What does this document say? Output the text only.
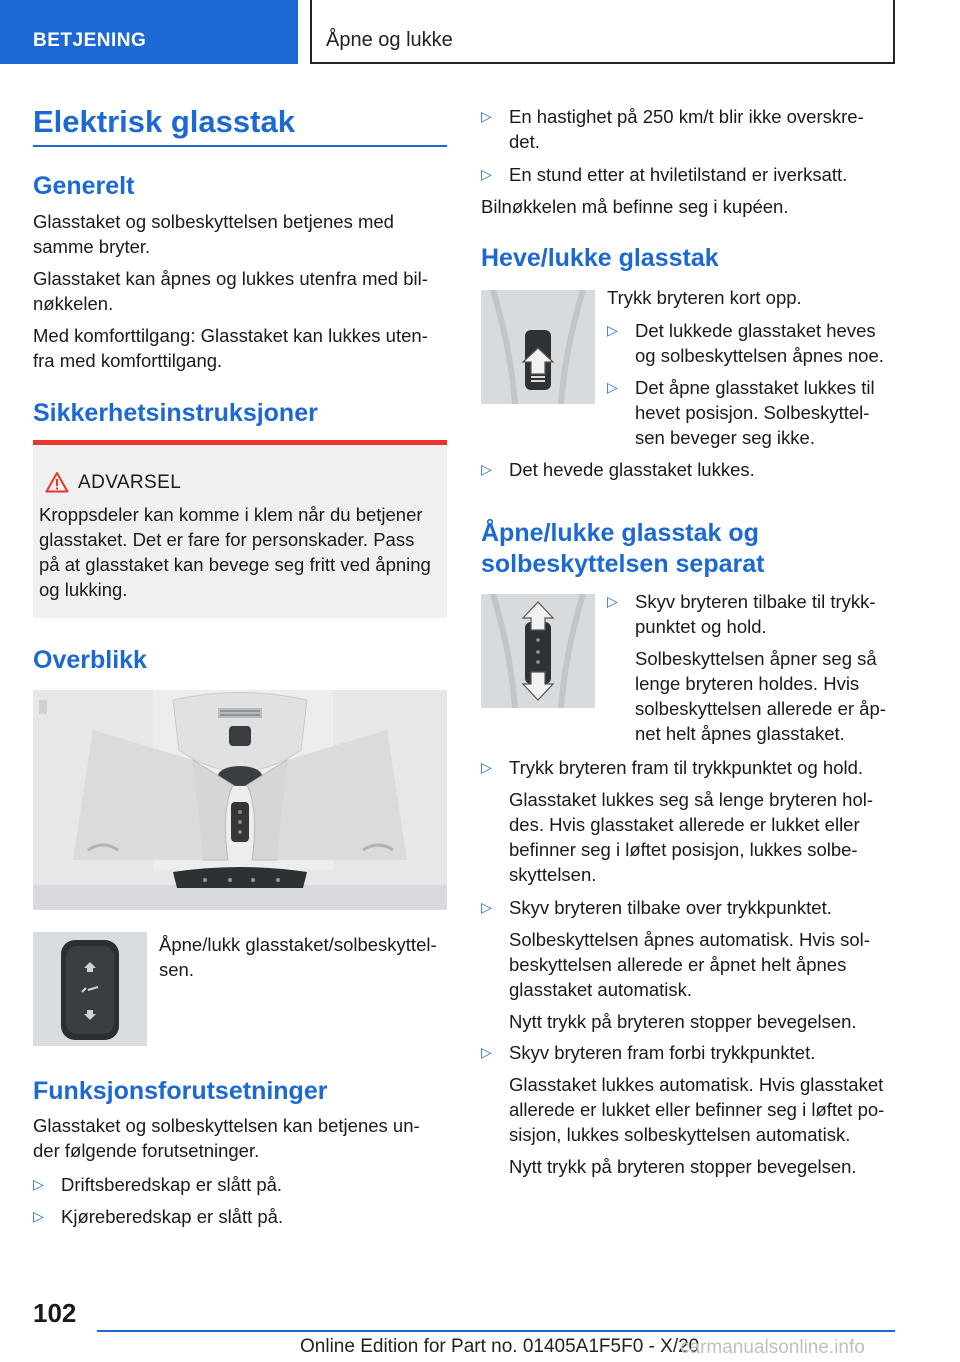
BETJENING	Åpne og lukke
Elektrisk glasstak
Generelt
Glasstaket og solbeskyttelsen betjenes med
samme bryter.
Glasstaket kan åpnes og lukkes utenfra med bil-
nøkkelen.
Med komforttilgang: Glasstaket kan lukkes uten-
fra med komforttilgang.
Sikkerhetsinstruksjoner
ADVARSEL
Kroppsdeler kan komme i klem når du betjener
glasstaket. Det er fare for personskader. Pass
på at glasstaket kan bevege seg fritt ved åpning
og lukking.
Overblikk
Åpne/lukk glasstaket/solbeskyttel-
sen.
Funksjonsforutsetninger
Glasstaket og solbeskyttelsen kan betjenes un-
der følgende forutsetninger.
▷ Driftsberedskap er slått på.
▷ Kjøreberedskap er slått på.
▷ En hastighet på 250 km/t blir ikke overskre-
det.
▷ En stund etter at hviletilstand er iverksatt.
Bilnøkkelen må befinne seg i kupéen.
Heve/lukke glasstak
Trykk bryteren kort opp.
▷ Det lukkede glasstaket heves
og solbeskyttelsen åpnes noe.
▷ Det åpne glasstaket lukkes til
hevet posisjon. Solbeskyttel-
sen beveger seg ikke.
▷ Det hevede glasstaket lukkes.
Åpne/lukke glasstak og
solbeskyttelsen separat
▷ Skyv bryteren tilbake til trykk-
punktet og hold.
Solbeskyttelsen åpner seg så
lenge bryteren holdes. Hvis
solbeskyttelsen allerede er åp-
net helt åpnes glasstaket.
▷ Trykk bryteren fram til trykkpunktet og hold.
Glasstaket lukkes seg så lenge bryteren hol-
des. Hvis glasstaket allerede er lukket eller
befinner seg i løftet posisjon, lukkes solbe-
skyttelsen.
▷ Skyv bryteren tilbake over trykkpunktet.
Solbeskyttelsen åpnes automatisk. Hvis sol-
beskyttelsen allerede er åpnet helt åpnes
glasstaket automatisk.
Nytt trykk på bryteren stopper bevegelsen.
▷ Skyv bryteren fram forbi trykkpunktet.
Glasstaket lukkes automatisk. Hvis glasstaket
allerede er lukket eller befinner seg i løftet po-
sisjon, lukkes solbeskyttelsen automatisk.
Nytt trykk på bryteren stopper bevegelsen.
102
Online Edition for Part no. 01405A1F5F0 - X/20
carmanualsonline.info
